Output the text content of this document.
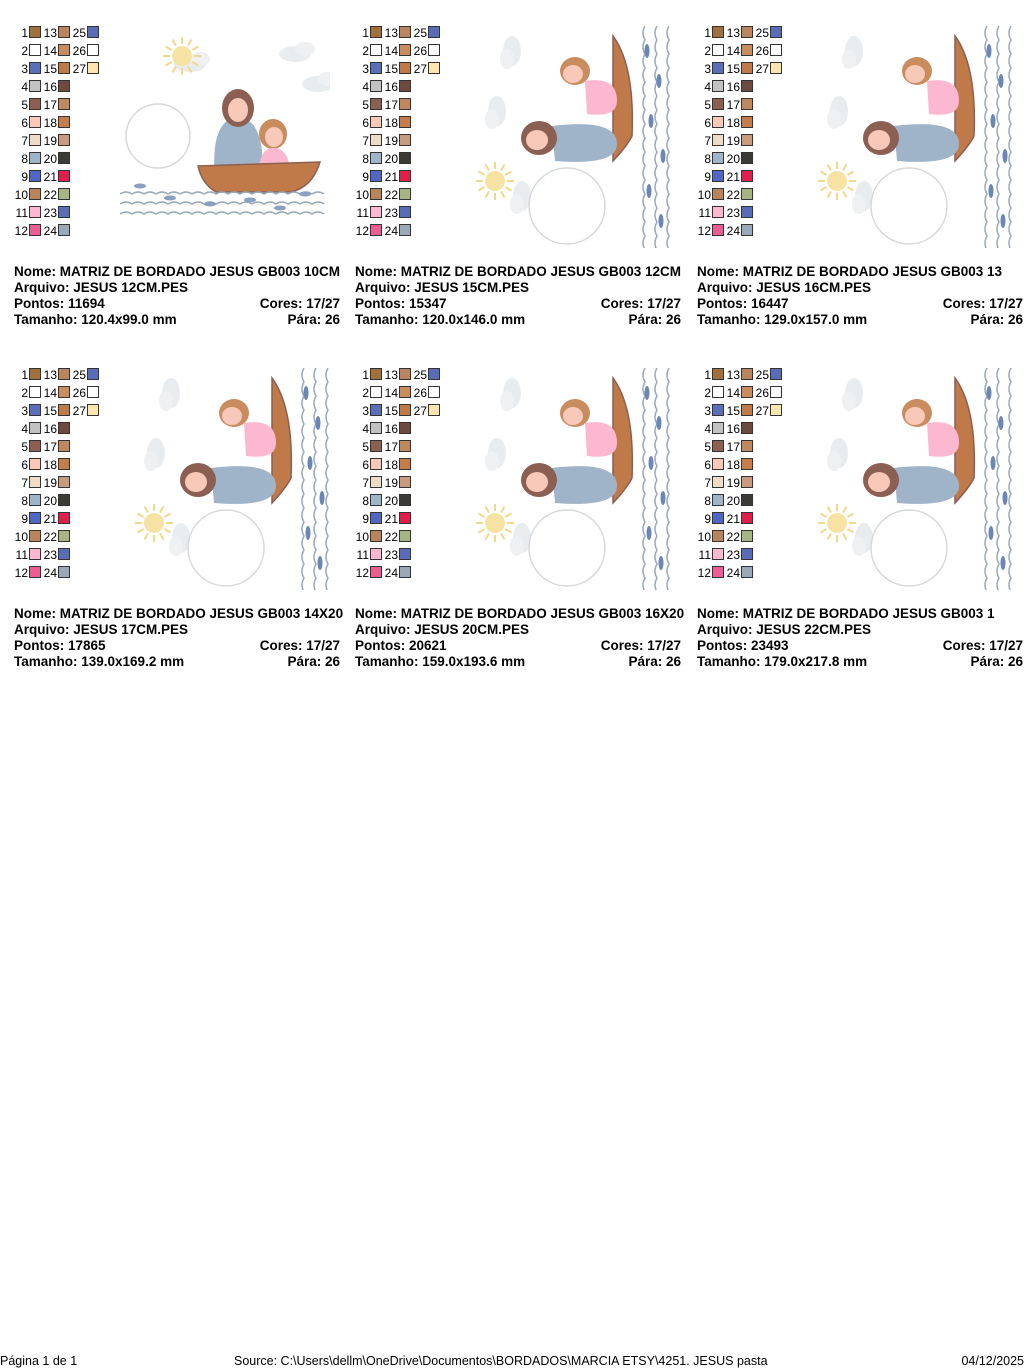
1 13 25
2 14 26
3 15 27
4 16
5 17
6 18
7 19
8 20
9 21
10 22
11 23
12 24
Nome: MATRIZ DE BORDADO JESUS GB003 10CM
Arquivo: JESUS 12CM.PES
Pontos: 11694	Cores: 17/27
Tamanho: 120.4x99.0 mm	Pára: 26
1 13 25
2 14 26
3 15 27
4 16
5 17
6 18
7 19
8 20
9 21
10 22
11 23
12 24
Nome: MATRIZ DE BORDADO JESUS GB003 12CM
Arquivo: JESUS 15CM.PES
Pontos: 15347	Cores: 17/27
Tamanho: 120.0x146.0 mm	Pára: 26
1 13 25
2 14 26
3 15 27
4 16
5 17
6 18
7 19
8 20
9 21
10 22
11 23
12 24
Nome: MATRIZ DE BORDADO JESUS GB003 13
Arquivo: JESUS 16CM.PES
Pontos: 16447	Cores: 17/27
Tamanho: 129.0x157.0 mm	Pára: 26
1 13 25
2 14 26
3 15 27
4 16
5 17
6 18
7 19
8 20
9 21
10 22
11 23
12 24
Nome: MATRIZ DE BORDADO JESUS GB003 14X20
Arquivo: JESUS 17CM.PES
Pontos: 17865	Cores: 17/27
Tamanho: 139.0x169.2 mm	Pára: 26
1 13 25
2 14 26
3 15 27
4 16
5 17
6 18
7 19
8 20
9 21
10 22
11 23
12 24
Nome: MATRIZ DE BORDADO JESUS GB003 16X20
Arquivo: JESUS 20CM.PES
Pontos: 20621	Cores: 17/27
Tamanho: 159.0x193.6 mm	Pára: 26
1 13 25
2 14 26
3 15 27
4 16
5 17
6 18
7 19
8 20
9 21
10 22
11 23
12 24
Nome: MATRIZ DE BORDADO JESUS GB003 1
Arquivo: JESUS 22CM.PES
Pontos: 23493	Cores: 17/27
Tamanho: 179.0x217.8 mm	Pára: 26
Página 1 de 1	Source: C:\Users\dellm\OneDrive\Documentos\BORDADOS\MARCIA ETSY\4251. JESUS pasta	04/12/2025
